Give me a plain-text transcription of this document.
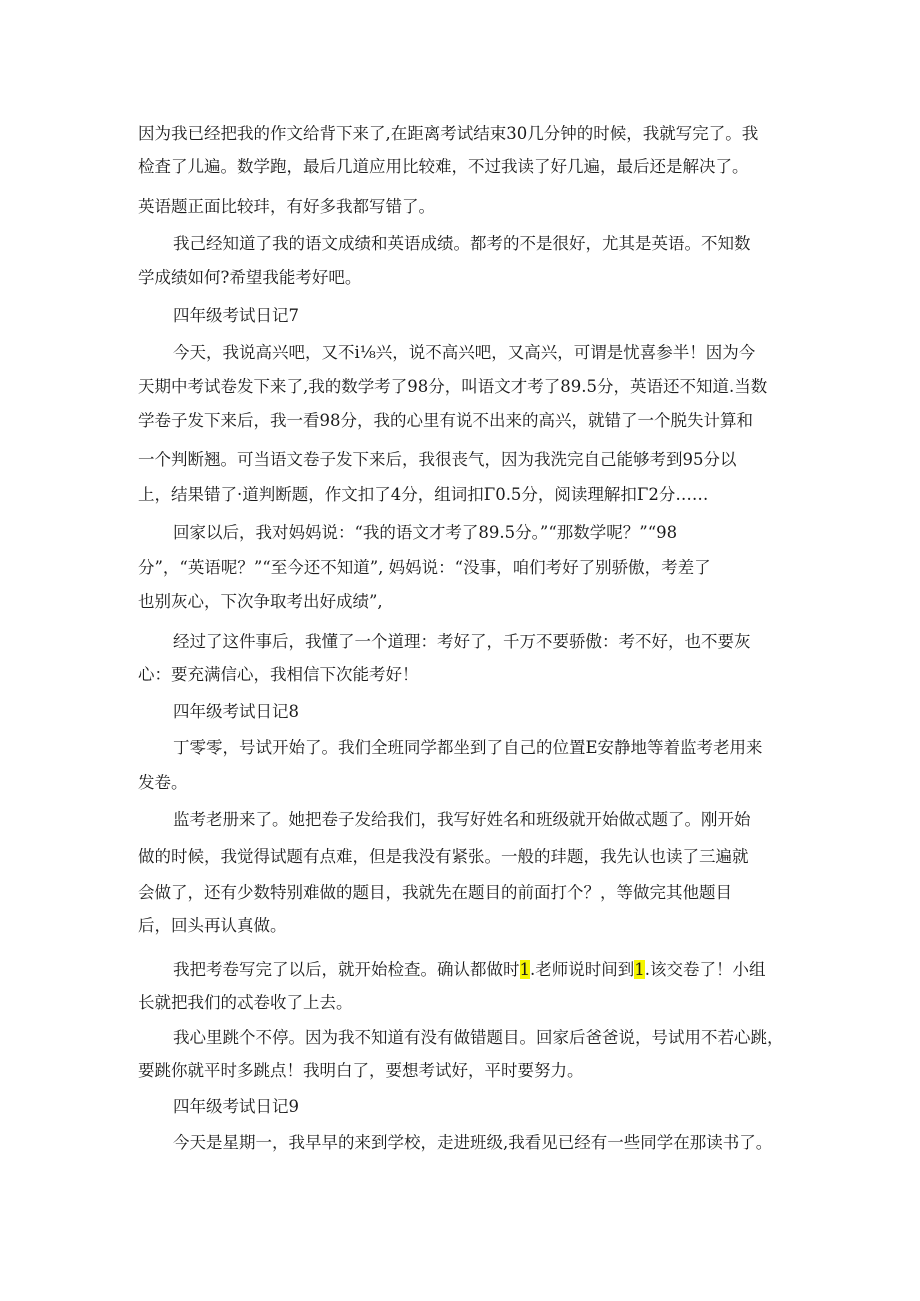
因为我已经把我的作文给背下来了,在距离考试结束30几分钟的时候，我就写完了。我
检査了儿遍。数学跑，最后几道应用比较难，不过我读了好几遍，最后还是解决了。
英语题正面比较玤，有好多我都写错了。
我己经知道了我的语文成绩和英语成绩。都考的不是很好，尤其是英语。不知数
学成绩如何?希望我能考好吧。
四年级考试日记7
今天，我说高兴吧，又不i⅛兴，说不高兴吧，又高兴，可谓是忧喜参半！因为今
天期中考试卷发下来了,我的数学考了98分，叫语文才考了89.5分，英语还不知道.当数
学卷子发下来后，我一看98分，我的心里有说不出来的高兴，就错了一个脱失计算和
一个判断翘。可当语文卷子发下来后，我很丧气，因为我洗完自己能够考到95分以
上，结果错了·道判断题，作文扣了4分，组词扣Γ0.5分，阅读理解扣Γ2分……
回家以后，我对妈妈说：“我的语文才考了89.5分。”“那数学呢？”“98
分”，“英语呢？”“至今还不知道”, 妈妈说：“没事，咱们考好了别骄傲，考差了
也别灰心，下次争取考出好成绩”,
经过了这件事后，我懂了一个道理：考好了，千万不要骄傲：考不好，也不要灰
心：要充满信心，我相信下次能考好！
四年级考试日记8
丁零零，号试开始了。我们全班同学都坐到了自己的位置E安静地等着监考老用来
发卷。
监考老册来了。她把卷子发给我们，我写好姓名和班级就开始做忒题了。刚开始
做的时候，我觉得试题有点难，但是我没有紧张。一般的玤题，我先认也读了三遍就
会做了，还有少数特别难做的题目，我就先在题目的前面打个？，等做完其他题目
后，回头再认真做。
我把考卷写完了以后，就开始检查。确认都做时1.老师说时间到1.该交卷了！小组
长就把我们的忒卷收了上去。
我心里跳个不停。因为我不知道有没有做错题目。回家后爸爸说，号试用不若心跳，
要跳你就平时多跳点！我明白了，要想考试好，平时要努力。
四年级考试日记9
今天是星期一，我早早的来到学校，走进班级,我看见已经有一些同学在那读书了。
